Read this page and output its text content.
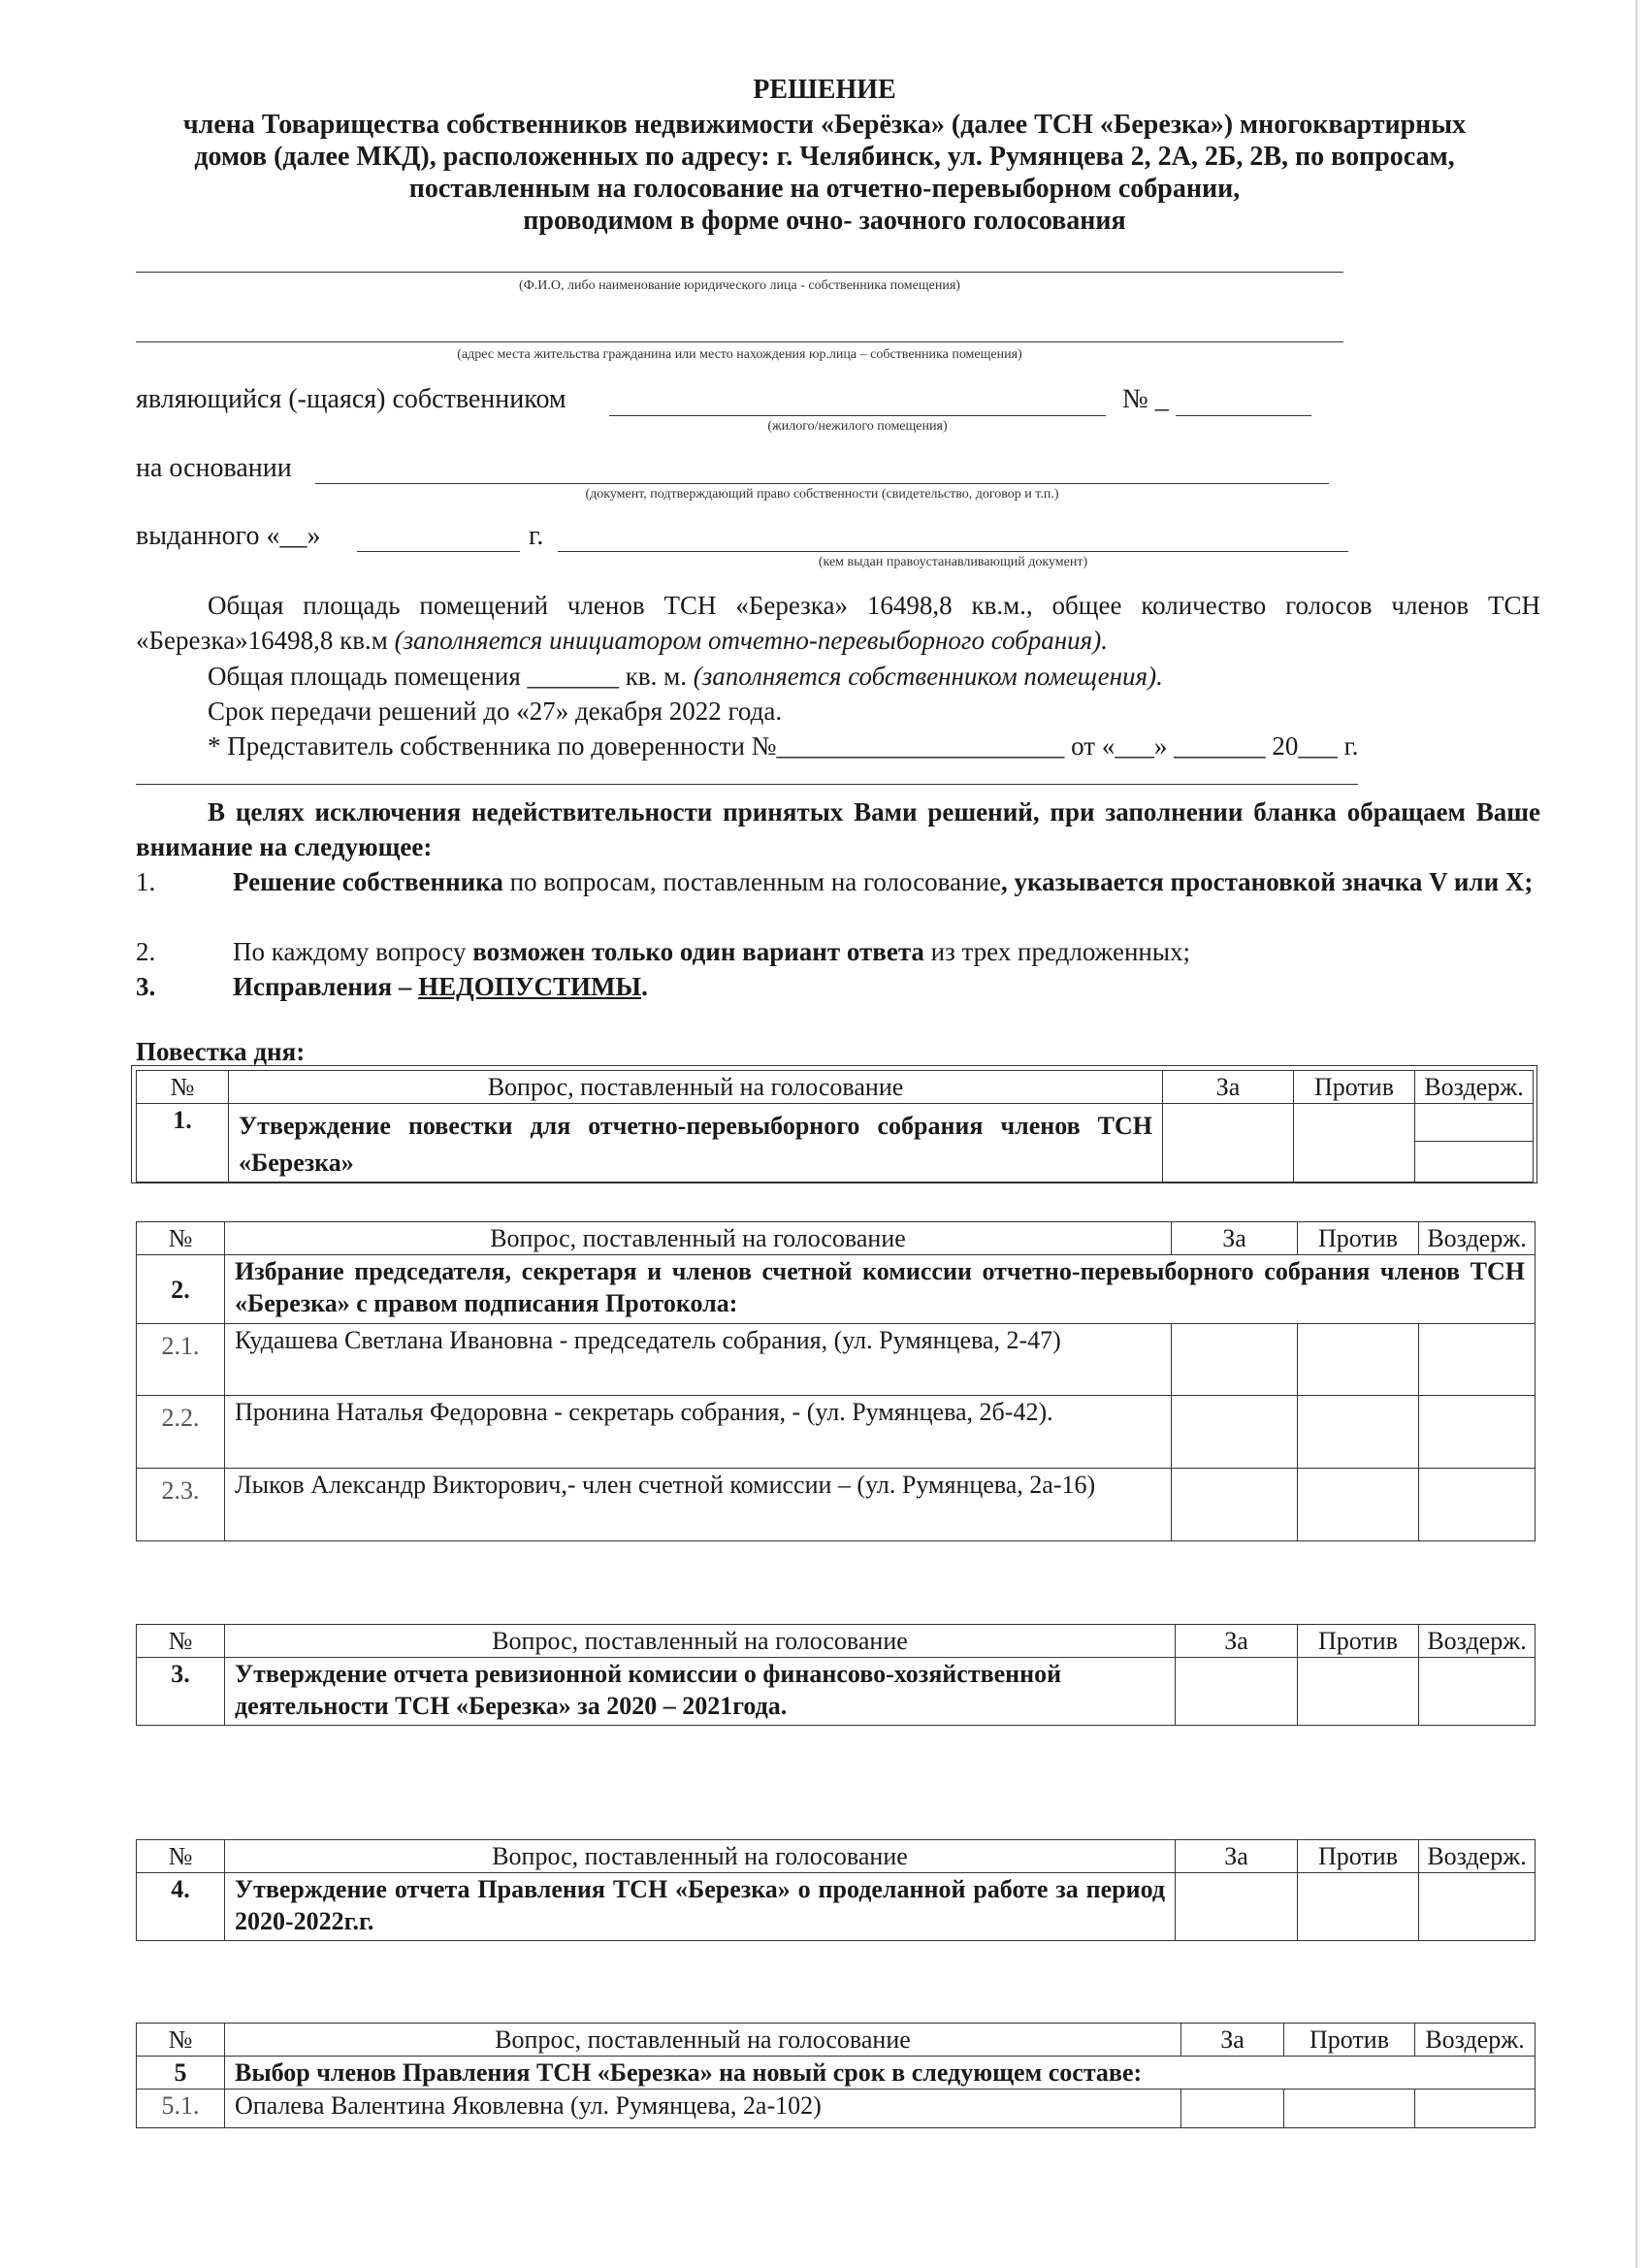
РЕШЕНИЕ
члена Товарищества собственников недвижимости «Берёзка» (далее ТСН «Березка») многоквартирных
домов (далее МКД), расположенных по адресу: г. Челябинск, ул. Румянцева 2, 2А, 2Б, 2В, по вопросам,
поставленным на голосование на отчетно-перевыборном собрании,
проводимом в форме очно- заочного голосования
(Ф.И.О, либо наименование юридического лица - собственника помещения)
(адрес места жительства гражданина или место нахождения юр.лица – собственника помещения)
являющийся (-щаяся) собственником	№ _
(жилого/нежилого помещения)
на основании
(документ, подтверждающий право собственности (свидетельство, договор и т.п.)
выданного «__»	г.
(кем выдан правоустанавливающий документ)
Общая площадь помещений членов ТСН «Березка» 16498,8 кв.м., общее количество голосов членов ТСН «Березка»16498,8 кв.м (заполняется инициатором отчетно-перевыборного собрания).
Общая площадь помещения _______ кв. м. (заполняется собственником помещения).
Срок передачи решений до «27» декабря 2022 года.
* Представитель собственника по доверенности №______________________ от «___» _______ 20___ г.
В целях исключения недействительности принятых Вами решений, при заполнении бланка обращаем Ваше внимание на следующее:
1.	Решение собственника по вопросам, поставленным на голосование, указывается простановкой значка V или X;
2.	По каждому вопросу возможен только один вариант ответа из трех предложенных;
3.	Исправления – НЕДОПУСТИМЫ.
Повестка дня:
№	Вопрос, поставленный на голосование	За	Против	Воздерж.
1.	Утверждение повестки для отчетно-перевыборного собрания членов ТСН «Березка»			
№	Вопрос, поставленный на голосование	За	Против	Воздерж.
2.	Избрание председателя, секретаря и членов счетной комиссии отчетно-перевыборного собрания членов ТСН «Березка» с правом подписания Протокола:			
2.1.	Кудашева Светлана Ивановна - председатель собрания, (ул. Румянцева, 2-47)			
2.2.	Пронина Наталья Федоровна - секретарь собрания, - (ул. Румянцева, 2б-42).			
2.3.	Лыков Александр Викторович,- член счетной комиссии – (ул. Румянцева, 2а-16)			
№	Вопрос, поставленный на голосование	За	Против	Воздерж.
3.	Утверждение отчета ревизионной комиссии о финансово-хозяйственной деятельности ТСН «Березка» за 2020 – 2021года.			
№	Вопрос, поставленный на голосование	За	Против	Воздерж.
4.	Утверждение отчета Правления ТСН «Березка» о проделанной работе за период 2020-2022г.г.			
№	Вопрос, поставленный на голосование	За	Против	Воздерж.
5	Выбор членов Правления ТСН «Березка» на новый срок в следующем составе:			
5.1.	Опалева Валентина Яковлевна (ул. Румянцева, 2а-102)			
